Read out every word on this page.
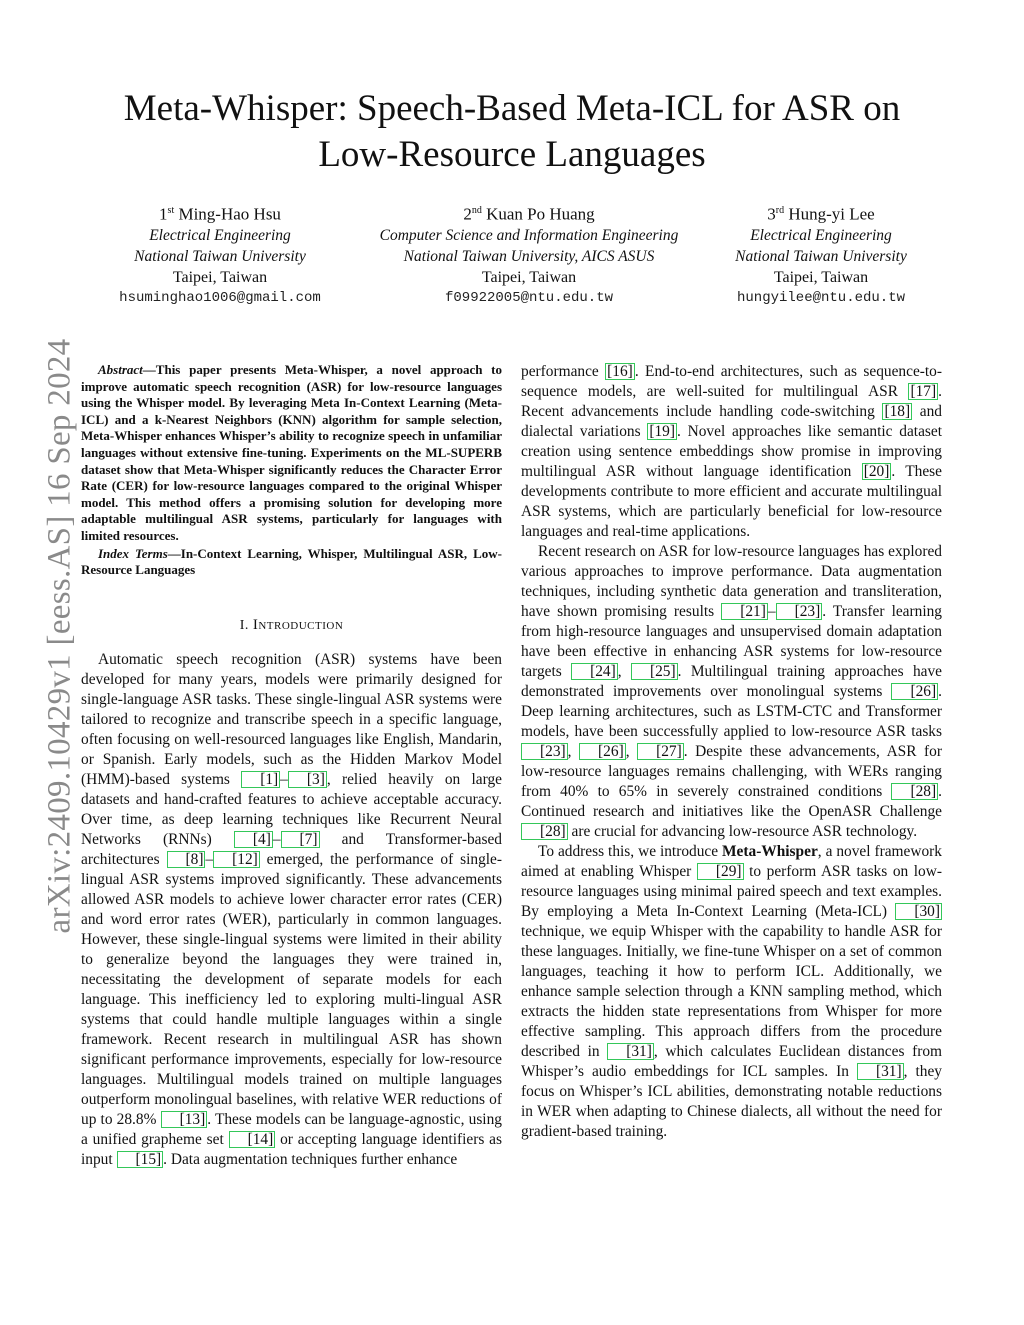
Meta-Whisper: Speech-Based Meta-ICL for ASR on
Low-Resource Languages
1st Ming-Hao Hsu
Electrical Engineering
National Taiwan University
Taipei, Taiwan
hsuminghao1006@gmail.com
2nd Kuan Po Huang
Computer Science and Information Engineering
National Taiwan University, AICS ASUS
Taipei, Taiwan
f09922005@ntu.edu.tw
3rd Hung-yi Lee
Electrical Engineering
National Taiwan University
Taipei, Taiwan
hungyilee@ntu.edu.tw
arXiv:2409.10429v1 [eess.AS] 16 Sep 2024	Abstract—This paper presents Meta-Whisper, a novel approach to improve automatic speech recognition (ASR) for low-resource languages using the Whisper model. By leveraging Meta In-Context Learning (Meta-ICL) and a k-Nearest Neighbors (KNN) algorithm for sample selection, Meta-Whisper enhances Whisper’s ability to recognize speech in unfamiliar languages without extensive fine-tuning. Experiments on the ML-SUPERB dataset show that Meta-Whisper significantly reduces the Character Error Rate (CER) for low-resource languages compared to the original Whisper model. This method offers a promising solution for developing more adaptable multilingual ASR systems, particularly for languages with limited resources.

Index Terms—In-Context Learning, Whisper, Multilingual ASR, Low-Resource Languages

I. Introduction

Automatic speech recognition (ASR) systems have been developed for many years, models were primarily designed for single-language ASR tasks. These single-lingual ASR systems were tailored to recognize and transcribe speech in a specific language, often focusing on well-resourced languages like English, Mandarin, or Spanish. Early models, such as the Hidden Markov Model (HMM)-based systems [1] – [3] , relied heavily on large datasets and hand-crafted features to achieve acceptable accuracy. Over time, as deep learning techniques like Recurrent Neural Networks (RNNs) [4] – [7] and Transformer-based architectures [8] – [12] emerged, the performance of single-lingual ASR systems improved significantly. These advancements allowed ASR models to achieve lower character error rates (CER) and word error rates (WER), particularly in common languages. However, these single-lingual systems were limited in their ability to generalize beyond the languages they were trained in, necessitating the development of separate models for each language. This inefficiency led to exploring multi-lingual ASR systems that could handle multiple languages within a single framework. Recent research in multilingual ASR has shown significant performance improvements, especially for low-resource languages. Multilingual models trained on multiple languages outperform monolingual baselines, with relative WER reductions of up to 28.8% [13] . These models can be language-agnostic, using a unified grapheme set [14] or accepting language identifiers as input [15] . Data augmentation techniques further enhance

performance [16] . End-to-end architectures, such as sequence-to-sequence models, are well-suited for multilingual ASR [17] . Recent advancements include handling code-switching [18] and dialectal variations [19] . Novel approaches like semantic dataset creation using sentence embeddings show promise in improving multilingual ASR without language identification [20] . These developments contribute to more efficient and accurate multilingual ASR systems, which are particularly beneficial for low-resource languages and real-time applications.

Recent research on ASR for low-resource languages has explored various approaches to improve performance. Data augmentation techniques, including synthetic data generation and transliteration, have shown promising results [21] – [23] . Transfer learning from high-resource languages and unsupervised domain adaptation have been effective in enhancing ASR systems for low-resource targets [24] , [25] . Multilingual training approaches have demonstrated improvements over monolingual systems [26] . Deep learning architectures, such as LSTM-CTC and Transformer models, have been successfully applied to low-resource ASR tasks [23] , [26] , [27] . Despite these advancements, ASR for low-resource languages remains challenging, with WERs ranging from 40% to 65% in severely constrained conditions [28] . Continued research and initiatives like the OpenASR Challenge [28] are crucial for advancing low-resource ASR technology.

To address this, we introduce Meta-Whisper, a novel framework aimed at enabling Whisper [29] to perform ASR tasks on low-resource languages using minimal paired speech and text examples. By employing a Meta In-Context Learning (Meta-ICL) [30] technique, we equip Whisper with the capability to handle ASR for these languages. Initially, we fine-tune Whisper on a set of common languages, teaching it how to perform ICL. Additionally, we enhance sample selection through a KNN sampling method, which extracts the hidden state representations from Whisper for more effective sampling. This approach differs from the procedure described in [31] , which calculates Euclidean distances from Whisper’s audio embeddings for ICL samples. In [31] , they focus on Whisper’s ICL abilities, demonstrating notable reductions in WER when adapting to Chinese dialects, all without the need for gradient-based training.
